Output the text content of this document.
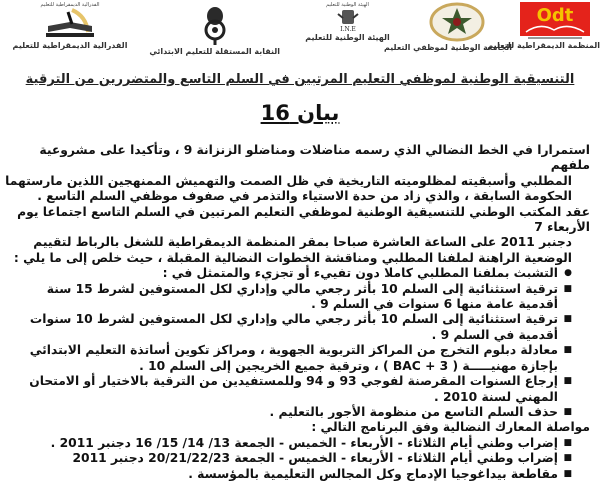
Odt
المنظمة الديمقراطية للتعليم
الجامعة الوطنية لموظفي التعليم
الهيئة الوطنية للتعليم
I.N.E
الهيئة الوطنية للتعليم
النقابة المستقلة للتعليم الابتدائي
الفدرالية الديمقراطية للتعليم
الفدرالية الديمقراطية للتعليم
التنسيقية الوطنية لموظفي التعليم المرتبين في السلم التاسع والمتضررين من الترقية
بيان 16

استمرارا في الخط النضالي الذي رسمه مناضلات ومناضلو الزنزانة 9 ، وتأكيدا على مشروعية ملفهم
المطلبي وأسبقيته لمظلوميته التاريخية في ظل الصمت والتهميش الممنهجين اللذين مارستهما الحكومة السابقة ، والذي زاد من حدة الاستياء والتذمر في صفوف موظفي السلم التاسع .

عقد المكتب الوطني للتنسيقية الوطنية لموظفي التعليم المرتبين في السلم التاسع اجتماعا يوم الأربعاء 7
دجنبر 2011 على الساعة العاشرة صباحا بمقر المنظمة الديمقراطية للشغل بالرباط لتقييم الوضعية الراهنة لملفنا المطلبي ومناقشة الخطوات النضالية المقبلة ، حيث خلص إلى ما يلي :

●
التشبث بملفنا المطلبي كاملا دون تفييء أو تجزيء والمتمثل في :
■
ترقية استثنائية إلى السلم 10 بأثر رجعي مالي وإداري لكل المستوفين لشرط 15 سنة أقدمية عامة منها 6 سنوات في السلم 9 .
■
ترقية استثنائية إلى السلم 10 بأثر رجعي مالي وإداري لكل المستوفين لشرط 10 سنوات أقدمية في السلم 9 .
■
معادلة دبلوم التخرج من المراكز التربوية الجهوية ، ومراكز تكوين أساتذة التعليم الابتدائي بإجازة مهنيـــــة ( BAC + 3 ) ، وترقية جميع الخريجين إلى السلم 10 .
■
إرجاع السنوات المقرصنة لفوجي 93 و 94 وللمستفيدين من الترقية بالاختيار أو الامتحان المهني لسنة 2010 .
■
حذف السلم التاسع من منظومة الأجور بالتعليم .

مواصلة المعارك النضالية وفق البرنامج التالي :

■
إضراب وطني أيام الثلاثاء - الأربعاء - الخميس - الجمعة 13/ 14/ 15/ 16 دجنبر 2011 .
■
إضراب وطني أيام الثلاثاء - الأربعاء - الخميس - الجمعة 20/21/22/23 دجنبر 2011
■
مقاطعة بيداغوجيا الإدماج وكل المجالس التعليمية بالمؤسسة .
